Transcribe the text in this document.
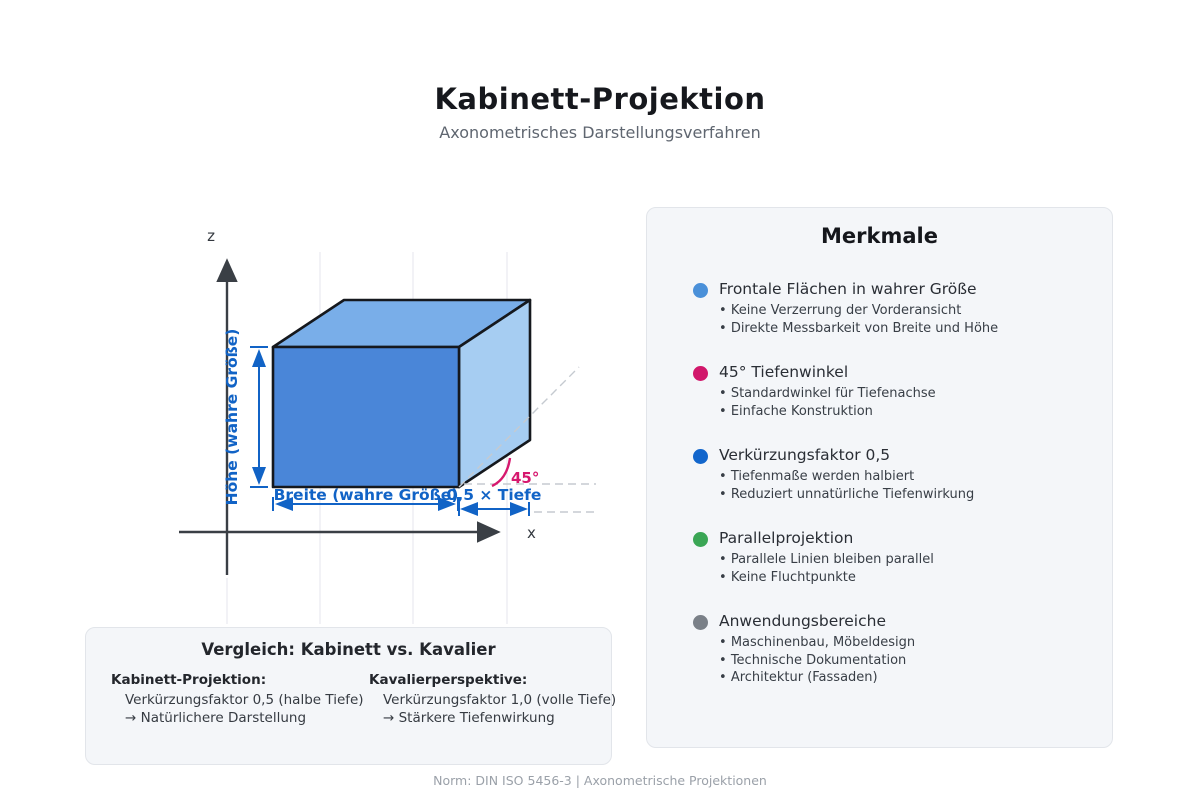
Kabinett-Projektion

Axonometrisches Darstellungsverfahren

z
x
45°
Höhe (wahre Größe) Breite (wahre Größe)
0,5 × Tiefe
Merkmale
Frontale Flächen in wahrer Größe
• Keine Verzerrung der Vorderansicht
• Direkte Messbarkeit von Breite und Höhe
45° Tiefenwinkel
• Standardwinkel für Tiefenachse
• Einfache Konstruktion
Verkürzungsfaktor 0,5
• Tiefenmaße werden halbiert
• Reduziert unnatürliche Tiefenwirkung
Parallelprojektion
• Parallele Linien bleiben parallel
• Keine Fluchtpunkte
Anwendungsbereiche
• Maschinenbau, Möbeldesign
• Technische Dokumentation
• Architektur (Fassaden)
Vergleich: Kabinett vs. Kavalier
Kabinett-Projektion:
Verkürzungsfaktor 0,5 (halbe Tiefe)
→ Natürlichere Darstellung
Kavalierperspektive:
Verkürzungsfaktor 1,0 (volle Tiefe)
→ Stärkere Tiefenwirkung
Norm: DIN ISO 5456-3 | Axonometrische Projektionen
